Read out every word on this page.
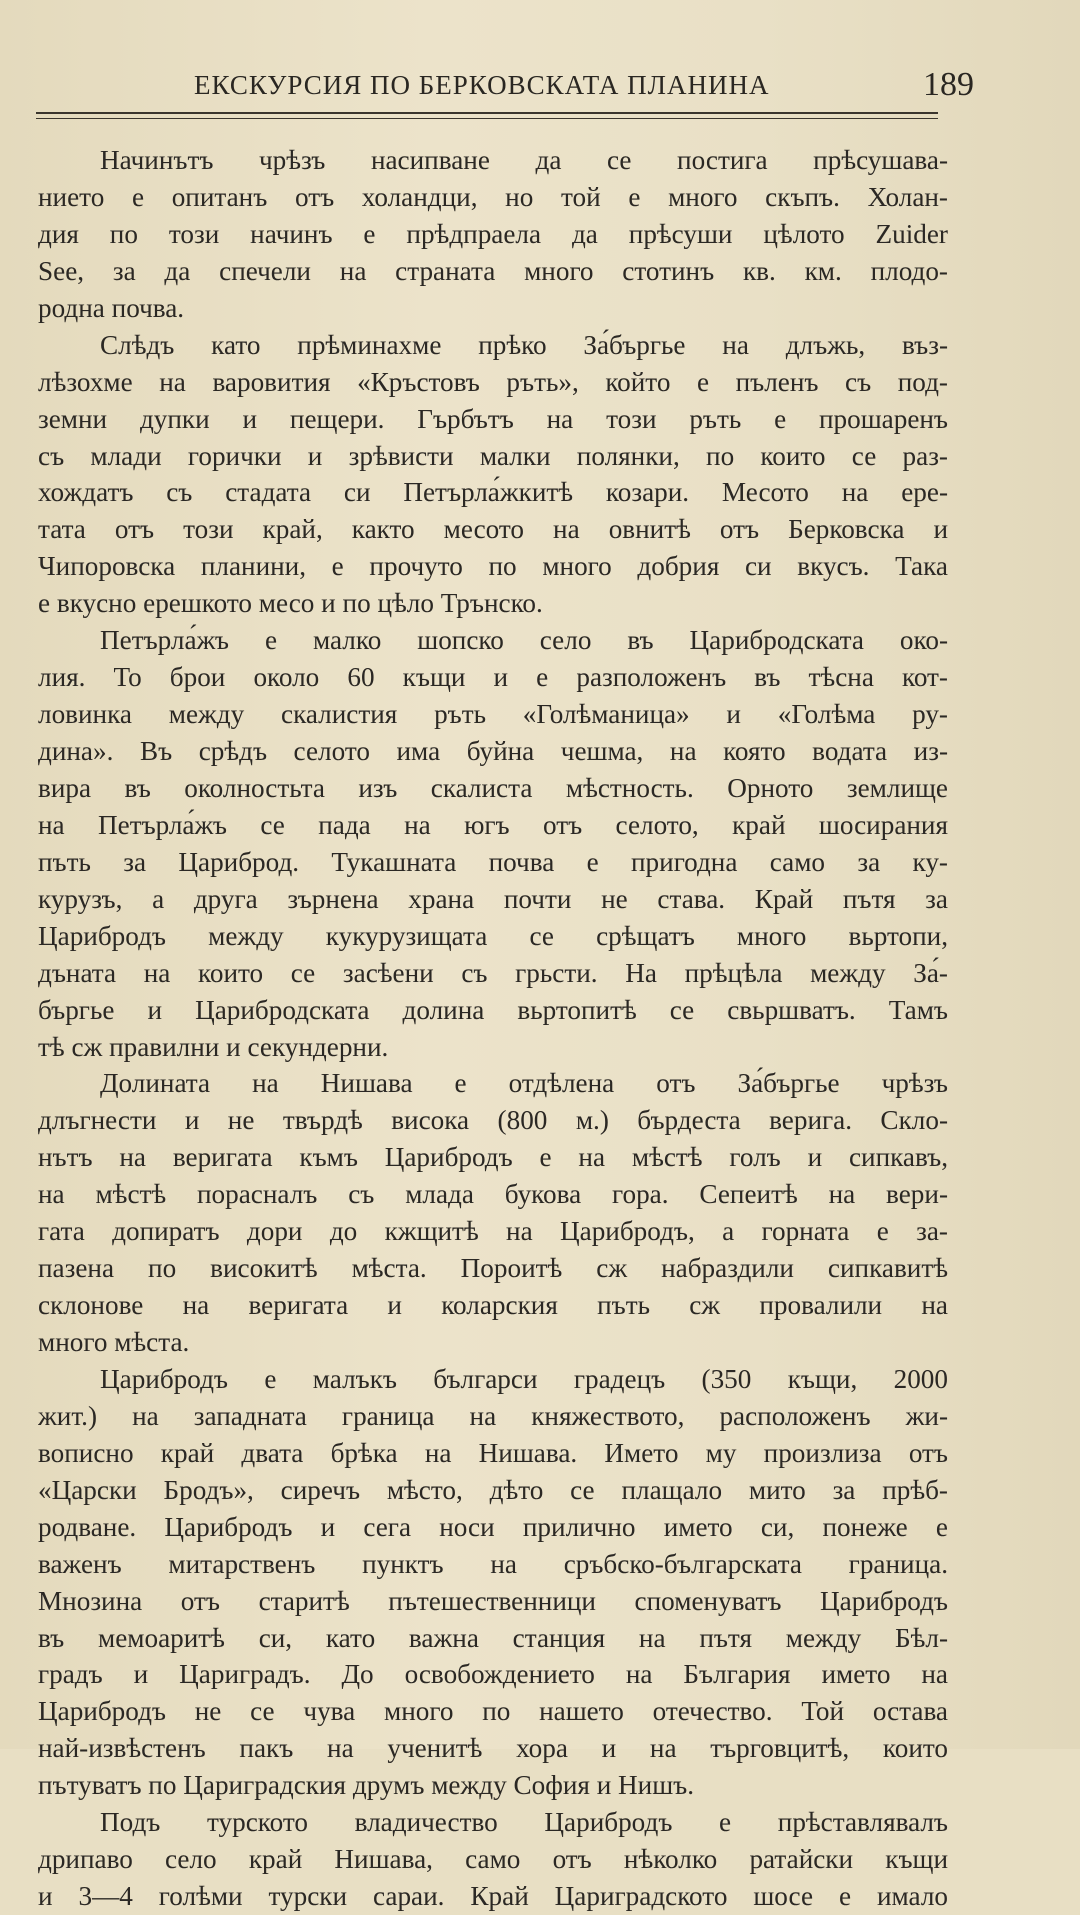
ЕКСКУРСИЯ ПО БЕРКОВСКАТА ПЛАНИНА	189
Начинътъ чрѣзъ насипване да се постига прѣсушава-
нието е опитанъ отъ холандци, но той е много скъпъ. Холан-
дия по този начинъ е прѣдпраела да прѣсуши цѣлото Zuider
See, за да спечели на страната много стотинъ кв. км. плодо-
родна почва.
Слѣдъ като прѣминахме прѣко За́бъргье на длъжь, въз-
лѣзохме на варовития «Кръстовъ ръть», който е пъленъ съ под-
земни дупки и пещери. Гърбътъ на този ръть е прошаренъ
съ млади горички и зрѣвисти малки полянки, по които се раз-
хождатъ съ стадата си Петърла́жкитѣ козари. Месото на ере-
тата отъ този край, както месото на овнитѣ отъ Берковска и
Чипоровска планини, е прочуто по много добрия си вкусъ. Така
е вкусно ерешкото месо и по цѣло Трънско.
Петърла́жъ е малко шопско село въ Царибродската око-
лия. То брои около 60 къщи и е разположенъ въ тѣсна кот-
ловинка между скалистия ръть «Голѣманица» и «Голѣма ру-
дина». Въ срѣдъ селото има буйна чешма, на която водата из-
вира въ околностьта изъ скалиста мѣстность. Орното землище
на Петърла́жъ се пада на югъ отъ селото, край шосирания
пъть за Цариброд. Тукашната почва е пригодна само за ку-
курузъ, а друга зърнена храна почти не става. Край пътя за
Царибродъ между кукурузищата се срѣщатъ много вьртопи,
дъната на които се засѣени съ грьсти. На прѣцѣла между За́-
бъргье и Царибродската долина вьртопитѣ се свьршватъ. Тамъ
тѣ сж правилни и секундерни.
Долината на Нишава е отдѣлена отъ За́бъргье чрѣзъ
длъгнести и не твърдѣ висока (800 м.) бърдеста верига. Скло-
нътъ на веригата къмъ Царибродъ е на мѣстѣ голъ и сипкавъ,
на мѣстѣ порасналъ съ млада букова гора. Сепеитѣ на вери-
гата допиратъ дори до кжщитѣ на Царибродъ, а горната е за-
пазена по високитѣ мѣста. Пороитѣ сж набраздили сипкавитѣ
склонове на веригата и коларския пъть сж провалили на
много мѣста.
Царибродъ е малъкъ българси градецъ (350 къщи, 2000
жит.) на западната граница на княжеството, расположенъ жи-
вописно край двата брѣка на Нишава. Името му произлиза отъ
«Царски Бродъ», сиречъ мѣсто, дѣто се плащало мито за прѣб-
родване. Царибродъ и сега носи прилично името си, понеже е
важенъ митарственъ пунктъ на сръбско-българската граница.
Мнозина отъ старитѣ пътешественници споменуватъ Царибродъ
въ мемоаритѣ си, като важна станция на пътя между Бѣл-
градъ и Цариградъ. До освобождението на България името на
Царибродъ не се чува много по нашето отечество. Той остава
най-извѣстенъ пакъ на ученитѣ хора и на търговцитѣ, които
пътуватъ по Цариградския друмъ между София и Нишъ.
Подъ турското владичество Царибродъ е прѣставлявалъ
дрипаво село край Нишава, само отъ нѣколко ратайски къщи
и 3—4 голѣми турски сараи. Край Цариградското шосе е имало
